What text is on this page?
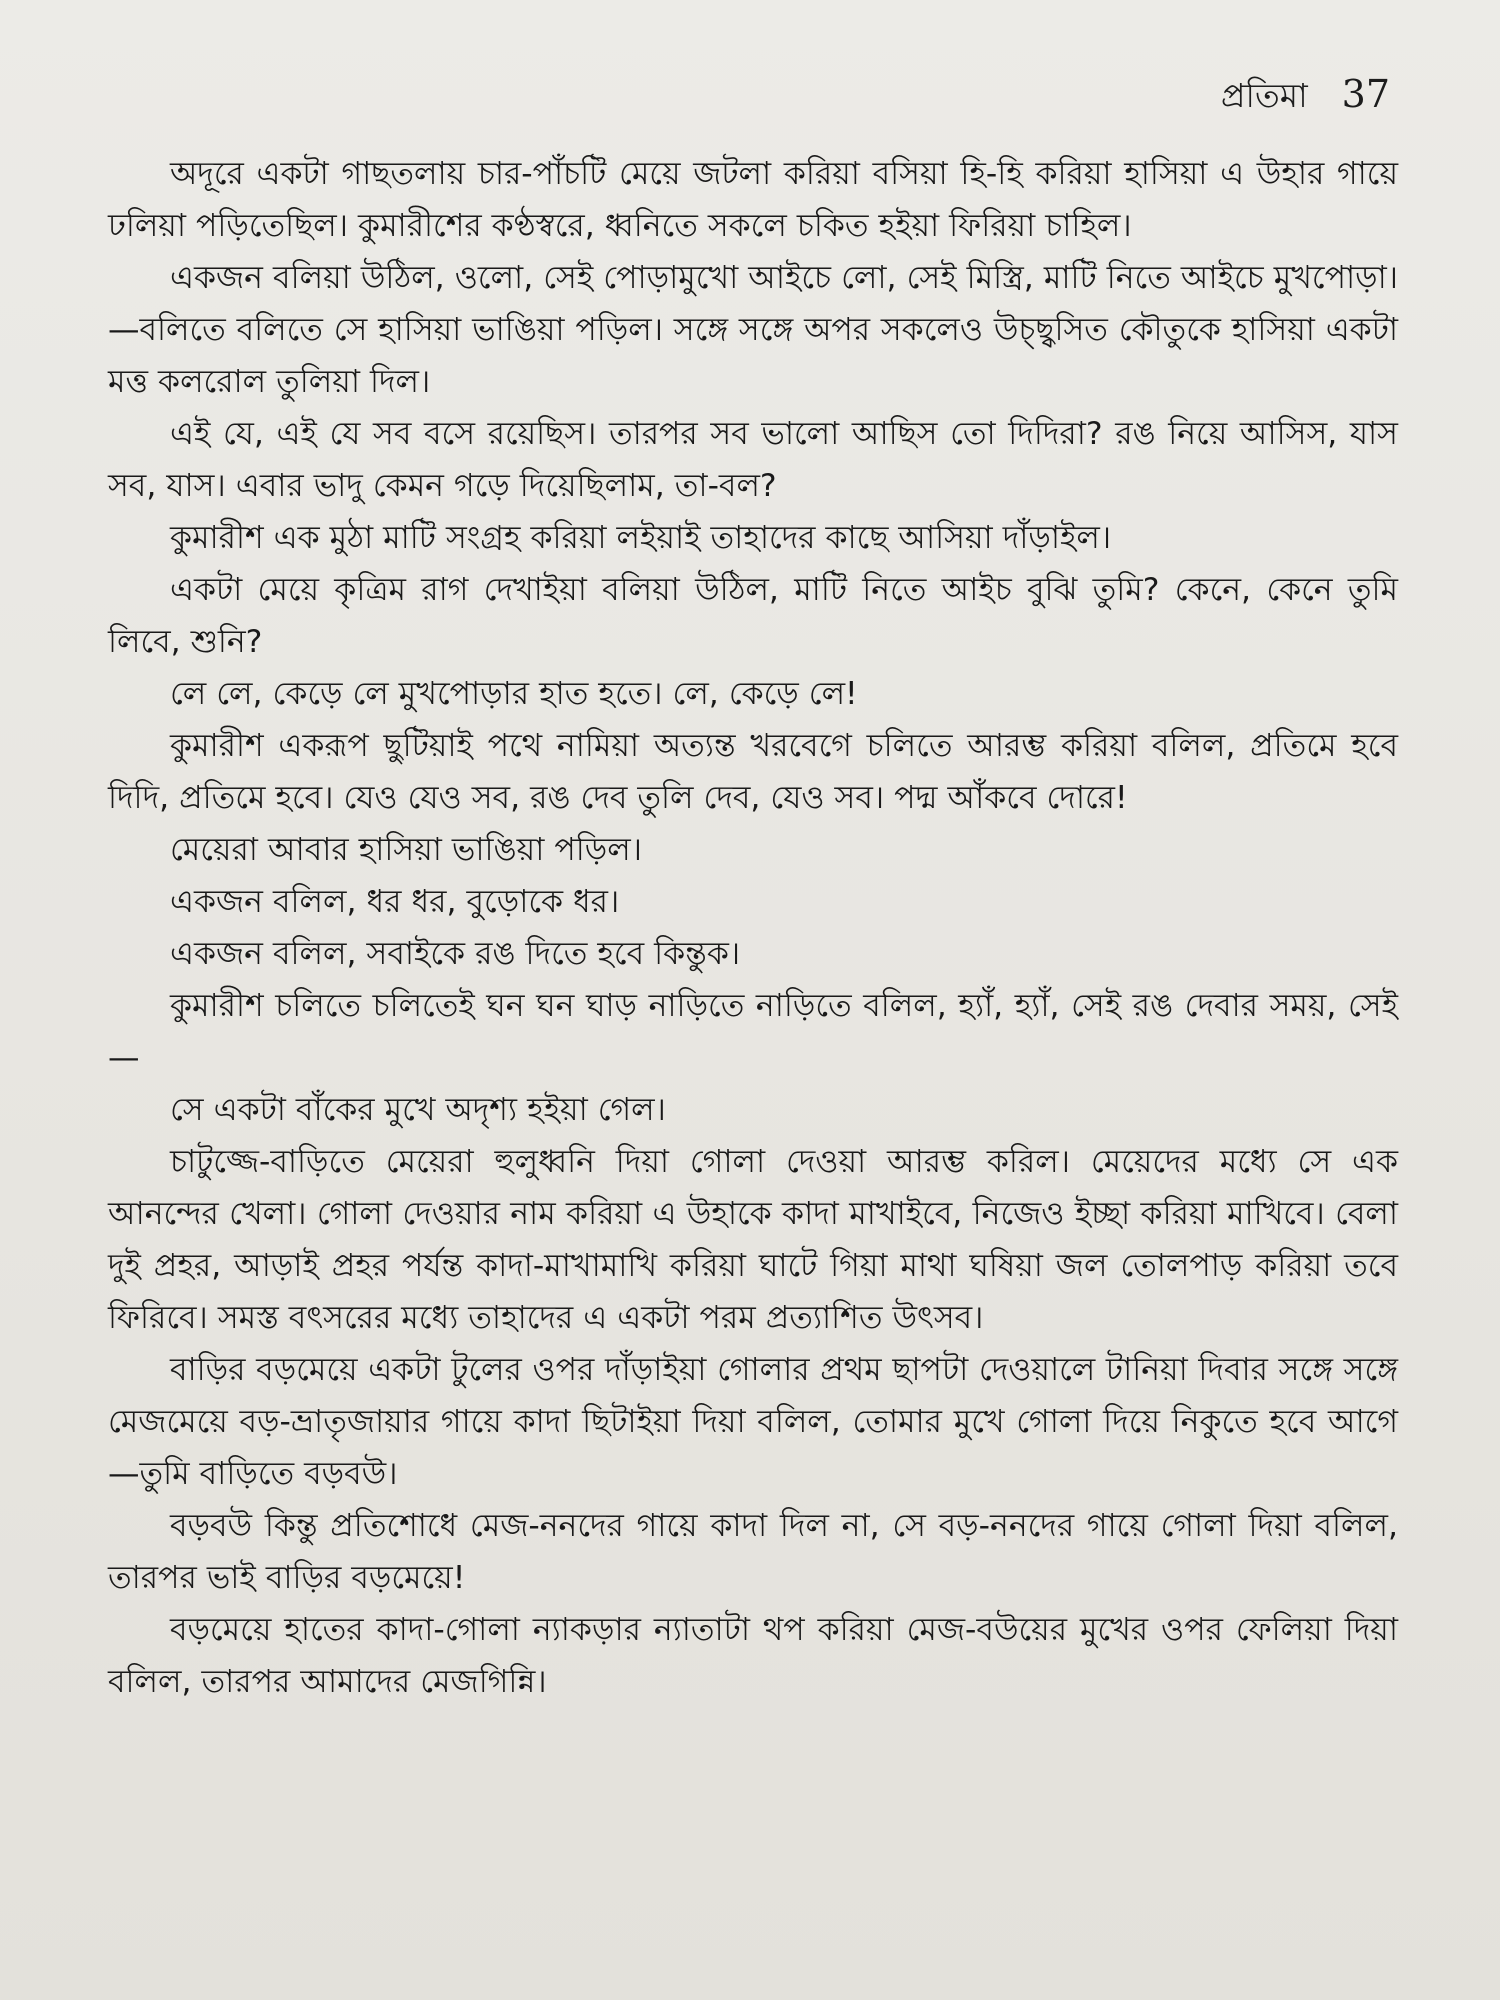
প্রতিমা 37

অদূরে একটা গাছতলায় চার-পাঁচটি মেয়ে জটলা করিয়া বসিয়া হি-হি করিয়া হাসিয়া এ উহার গায়ে ঢলিয়া পড়িতেছিল। কুমারীশের কণ্ঠস্বরে, ধ্বনিতে সকলে চকিত হইয়া ফিরিয়া চাহিল।

একজন বলিয়া উঠিল, ওলো, সেই পোড়ামুখো আইচে লো, সেই মিস্ত্রি, মাটি নিতে আইচে মুখপোড়া।—বলিতে বলিতে সে হাসিয়া ভাঙিয়া পড়িল। সঙ্গে সঙ্গে অপর সকলেও উচ্ছ্বসিত কৌতুকে হাসিয়া একটা মত্ত কলরোল তুলিয়া দিল।

এই যে, এই যে সব বসে রয়েছিস। তারপর সব ভালো আছিস তো দিদিরা? রঙ নিয়ে আসিস, যাস সব, যাস। এবার ভাদু কেমন গড়ে দিয়েছিলাম, তা-বল?

কুমারীশ এক মুঠা মাটি সংগ্রহ করিয়া লইয়াই তাহাদের কাছে আসিয়া দাঁড়াইল।

একটা মেয়ে কৃত্রিম রাগ দেখাইয়া বলিয়া উঠিল, মাটি নিতে আইচ বুঝি তুমি? কেনে, কেনে তুমি লিবে, শুনি?

লে লে, কেড়ে লে মুখপোড়ার হাত হতে। লে, কেড়ে লে!

কুমারীশ একরূপ ছুটিয়াই পথে নামিয়া অত্যন্ত খরবেগে চলিতে আরম্ভ করিয়া বলিল, প্রতিমে হবে দিদি, প্রতিমে হবে। যেও যেও সব, রঙ দেব তুলি দেব, যেও সব। পদ্ম আঁকবে দোরে!

মেয়েরা আবার হাসিয়া ভাঙিয়া পড়িল।

একজন বলিল, ধর ধর, বুড়োকে ধর।

একজন বলিল, সবাইকে রঙ দিতে হবে কিন্তুক।

কুমারীশ চলিতে চলিতেই ঘন ঘন ঘাড় নাড়িতে নাড়িতে বলিল, হ্যাঁ, হ্যাঁ, সেই রঙ দেবার সময়, সেই—

সে একটা বাঁকের মুখে অদৃশ্য হইয়া গেল।

চাটুজ্জে-বাড়িতে মেয়েরা হুলুধ্বনি দিয়া গোলা দেওয়া আরম্ভ করিল। মেয়েদের মধ্যে সে এক আনন্দের খেলা। গোলা দেওয়ার নাম করিয়া এ উহাকে কাদা মাখাইবে, নিজেও ইচ্ছা করিয়া মাখিবে। বেলা দুই প্রহর, আড়াই প্রহর পর্যন্ত কাদা-মাখামাখি করিয়া ঘাটে গিয়া মাথা ঘষিয়া জল তোলপাড় করিয়া তবে ফিরিবে। সমস্ত বৎসরের মধ্যে তাহাদের এ একটা পরম প্রত্যাশিত উৎসব।

বাড়ির বড়মেয়ে একটা টুলের ওপর দাঁড়াইয়া গোলার প্রথম ছাপটা দেওয়ালে টানিয়া দিবার সঙ্গে সঙ্গে মেজমেয়ে বড়-ভ্রাতৃজায়ার গায়ে কাদা ছিটাইয়া দিয়া বলিল, তোমার মুখে গোলা দিয়ে নিকুতে হবে আগে—তুমি বাড়িতে বড়বউ।

বড়বউ কিন্তু প্রতিশোধে মেজ-ননদের গায়ে কাদা দিল না, সে বড়-ননদের গায়ে গোলা দিয়া বলিল, তারপর ভাই বাড়ির বড়মেয়ে!

বড়মেয়ে হাতের কাদা-গোলা ন্যাকড়ার ন্যাতাটা থপ করিয়া মেজ-বউয়ের মুখের ওপর ফেলিয়া দিয়া বলিল, তারপর আমাদের মেজগিন্নি।
